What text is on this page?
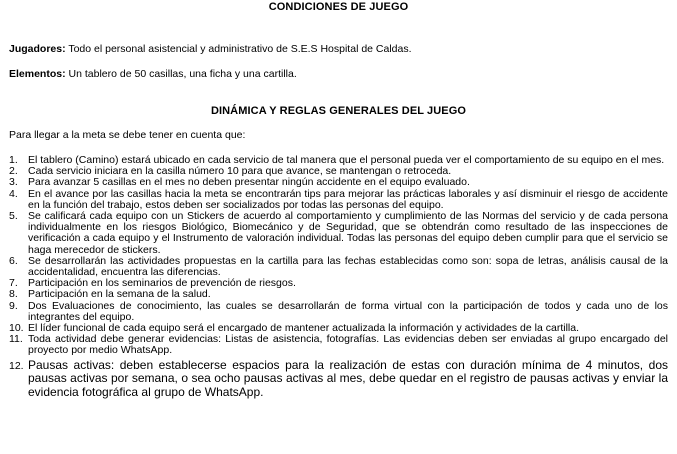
CONDICIONES DE JUEGO
Jugadores: Todo el personal asistencial y administrativo de S.E.S Hospital de Caldas.
Elementos: Un tablero de 50 casillas, una ficha y una cartilla.
DINÁMICA Y REGLAS GENERALES DEL JUEGO
Para llegar a la meta se debe tener en cuenta que:
1. El tablero (Camino) estará ubicado en cada servicio de tal manera que el personal pueda ver el comportamiento de su equipo en el mes.
2. Cada servicio iniciara en la casilla número 10 para que avance, se mantengan o retroceda.
3. Para avanzar 5 casillas en el mes no deben presentar ningún accidente en el equipo evaluado.
4. En el avance por las casillas hacia la meta se encontrarán tips para mejorar las prácticas laborales y así disminuir el riesgo de accidente en la función del trabajo, estos deben ser socializados por todas las personas del equipo.
5. Se calificará cada equipo con un Stickers de acuerdo al comportamiento y cumplimiento de las Normas del servicio y de cada persona individualmente en los riesgos Biológico, Biomecánico y de Seguridad, que se obtendrán como resultado de las inspecciones de verificación a cada equipo y el Instrumento de valoración individual. Todas las personas del equipo deben cumplir para que el servicio se haga merecedor de stickers.
6. Se desarrollarán las actividades propuestas en la cartilla para las fechas establecidas como son: sopa de letras, análisis causal de la accidentalidad, encuentra las diferencias.
7. Participación en los seminarios de prevención de riesgos.
8. Participación en la semana de la salud.
9. Dos Evaluaciones de conocimiento, las cuales se desarrollarán de forma virtual con la participación de todos y cada uno de los integrantes del equipo.
10. El líder funcional de cada equipo será el encargado de mantener actualizada la información y actividades de la cartilla.
11. Toda actividad debe generar evidencias: Listas de asistencia, fotografías. Las evidencias deben ser enviadas al grupo encargado del proyecto por medio WhatsApp.
12. Pausas activas: deben establecerse espacios para la realización de estas con duración mínima de 4 minutos, dos pausas activas por semana, o sea ocho pausas activas al mes, debe quedar en el registro de pausas activas y enviar la evidencia fotográfica al grupo de WhatsApp.
